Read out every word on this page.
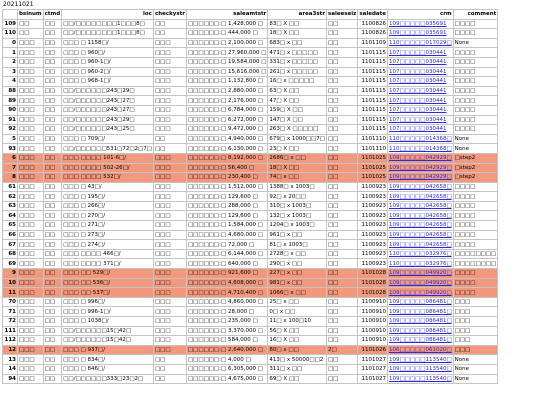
20211021
	bsinum	ctmd	loc	checkystr	saleamtstr	area3str	saleeseiz	saledate	crm	comment
109	□□	□□	□□/□□□□□□□□1□□□8□	□□	□□□□□□:□ 1,428,000 □	83□ X □□	□□	1100826	109□□□□□035691	□□□□
110	□□	□□	□□/□□□□□□□□1□□□8□	□□	□□□□□□:□ 444,000 □	18□ X □□	□□	1100826	109□□□□□035691	□□□□
0	□□□	□□	□□□ □ 1158□/	□□□	□□□□□□:□ 2,100,000 □	683□ x □□	□□	1101109	110□□□□□017029□	None
1	□□□	□□	□□□ □ 960□/	□□□	□□□□□□:□ 27,960,000 □	471□ x □□□□□	□□	1101115	107□□□□□030441	□□□□
2	□□□	□□	□□□ □ 960-1□/	□□□	□□□□□□:□ 19,584,000 □	331□ x □□□□□	□□	1101115	107□□□□□030441	□□□□
3	□□□	□□	□□□ □ 960-2□/	□□□	□□□□□□:□ 15,616,000 □	261□ x □□□□□	□□	1101115	107□□□□□030441	□□□□
4	□□□	□□	□□□ □ 968-1□/	□□□	□□□□□□:□ 1,132,800 □	16□ x □□□□□	□□	1101115	107□□□□□030441	□□□□
88	□□□	□□	□□/□□□□□□243□29□	□□□	□□□□□□:□ 2,880,000 □	63□ X □□	□□	1101115	107□□□□□030441	□□□□
89	□□□	□□	□□/□□□□□□243□27□	□□□	□□□□□□:□ 2,176,000 □	47□ X □□	□□	1101115	107□□□□□030441	□□□□
90	□□□	□□	□□/□□□□□□243□27□	□□□	□□□□□□:□ 6,784,000 □	159□ X □□	□□	1101115	107□□□□□030441	□□□□
91	□□□	□□	□□/□□□□□□243□29□	□□□	□□□□□□:□ 6,272,000 □	147□ X □□	□□	1101115	107□□□□□030441	□□□□
92	□□□	□□	□□/□□□□□□243□25□	□□□	□□□□□□:□ 9,472,000 □	263□ X □□□□□	□□	1101115	107□□□□□030441	□□□□
5	□□□	□□	□□□ □ 709□/	□□	□□□□□□:□ 4,940,000 □	679□ x 1000□□7□	□□	1101110	110□□□□□014368□	None
93	□□□	□□	□□/□□□□□□531□72□2□7□	□□	□□□□□□:□ 6,130,000 □	23□ X □□	□□	1101110	110□□□□□014368□	None
6	□□□	□□	□□□ □□□□ 101-6□/	□□□	□□□□□□:□ 8,192,000 □	2686□ x □□	□□	1101025	109□□□□□042929□	□step2
7	□□□	□□	□□□ □□□□ 502-26□/	□□□	□□□□□□:□ 56,400 □	18□ X □□	□□	1101025	109□□□□□042929□	□step2
8	□□□	□□	□□□ □□□□ 532□/	□□□	□□□□□□:□ 230,400 □	74□ x □□	□□	1101025	109□□□□□042929□	□step2
61	□□□	□□	□□□ □ 43□/	□□□	□□□□□□:□ 1,512,000 □	1388□ x 1003□	□□	1100923	109□□□□□042658□	□□□□
62	□□□	□□	□□□ □ 195□/	□□□	□□□□□□:□ 129,600 □	92□ x 20□□	□□	1100923	109□□□□□042658□	□□□□
63	□□□	□□	□□□ □ 266□/	□□□	□□□□□□:□ 288,000 □	310□ x 1003□	□□	1100923	109□□□□□042658□	□□□□
64	□□□	□□	□□□ □ 270□/	□□□	□□□□□□:□ 129,600 □	132□ x 1003□	□□	1100923	109□□□□□042658□	□□□□
65	□□□	□□	□□□ □ 271□/	□□□	□□□□□□:□ 1,584,000 □	1204□ x 1003□	□□	1100923	109□□□□□042658□	□□□□
66	□□□	□□	□□□ □ 273□/	□□□	□□□□□□:□ 4,680,000 □	961□ x □□	□□	1100923	109□□□□□042658□	□□□□
67	□□□	□□	□□□ □ 274□/	□□□	□□□□□□:□ 72,000 □	81□ x 1003□	□□	1100923	109□□□□□042658□	□□□□
68	□□□	□□	□□□ □□□□ 466□/	□□□	□□□□□□:□ 6,144,000 □	2728□ x □□	□□	1100923	110□□□□□032976□	□□□□□□□□
69	□□□	□□	□□□ □□□□ 371□/	□□□	□□□□□□:□ 640,000 □	290□ x □□	□□	1100923	110□□□□□032976□	□□□□□□□□
9	□□□	□□	□□□ □□ 529□/	□□□	□□□□□□:□ 921,600 □	227□ x □□	□□	1101028	109□□□□□049920□	□□□□
10	□□□	□□	□□□ □□ 536□/	□□□	□□□□□□:□ 4,608,000 □	981□ x □□	□□	1101028	109□□□□□049920□	□□□□
11	□□□	□□	□□□ □□ 537□/	□□□	□□□□□□:□ 4,710,400 □	1066□ x □□	□□	1101028	109□□□□□049920□	□□□□
70	□□□	□□	□□□ □ 996□/	□□□	□□□□□□:□ 4,860,000 □	25□ x □□	□□	1100910	109□□□□□086481□	□□□
71	□□□	□□	□□□ □ 996-1□/	□□□	□□□□□□:□ 28,000 □	0□ x □□	□□	1100910	109□□□□□086481□	□□□
72	□□□	□□	□□□ □ 1038□/	□□□	□□□□□□:□ 235,000 □	11□ x 100□10	□□	1100910	109□□□□□086481□	□□□
111	□□□	□□	□□/□□□□□□15□42□	□□□	□□□□□□:□ 3,370,000 □	56□ X □□	□□	1100910	109□□□□□086481□	□□□
112	□□□	□□	□□/□□□□□□15□42□	□□□	□□□□□□:□ 584,000 □	16□ X □□	□□	1100910	109□□□□□086481□	□□□
12	□□□	□□	□□□ □ 937□/	□□□	□□□□□□:□ 2,640,000 □	80□ x □□	2□	1101026	106□□□□□061020□	□□□
13	□□□	□□	□□□ □ 834□/	□□	□□□□□□:□ 4,000 □	413□ x 50000□□2	□□	1101027	109□□□□□113540□	None
14	□□□	□□	□□□ □ 846□/	□□	□□□□□□:□ 6,305,000 □	311□ x □□	□□	1101027	109□□□□□113540□	None
94	□□□	□□	□□/□□□□□□333□23□2□	□□	□□□□□□:□ 4,675,000 □	69□ X □□	□□	1101027	109□□□□□113540□	None
